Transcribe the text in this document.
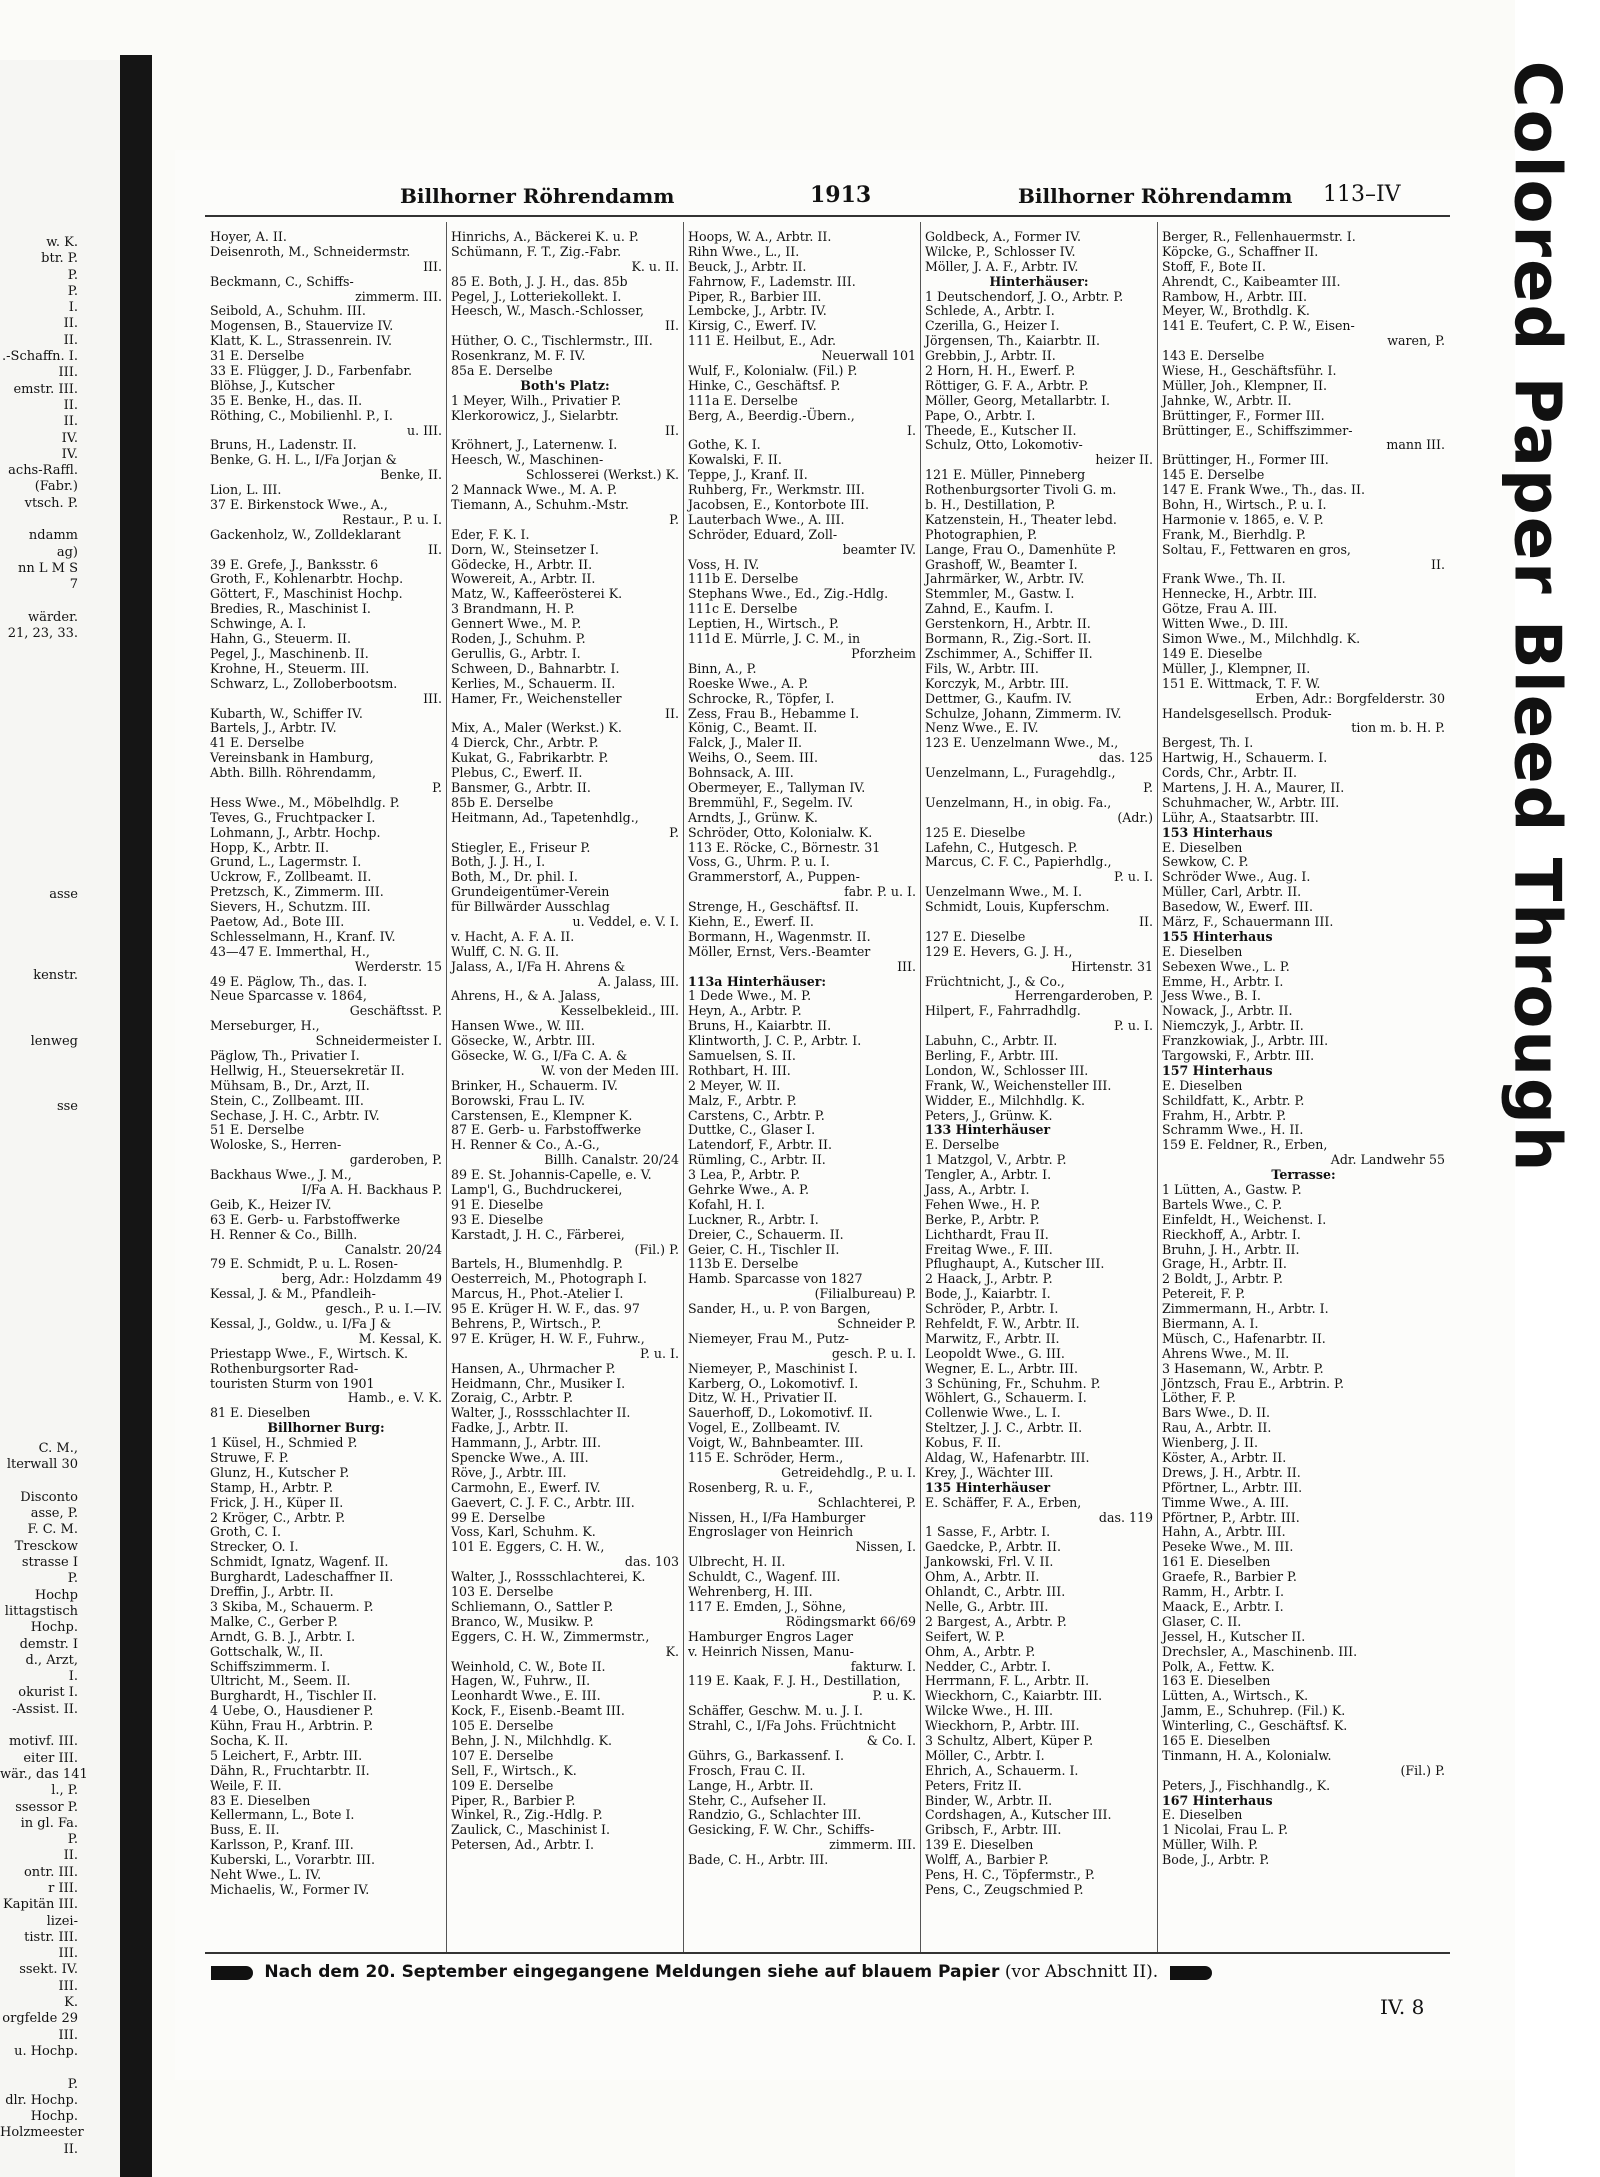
w. K.
btr. P.
P.
P.
I.
II.
II.
.-Schaffn. I.
III.
emstr. III.
II.
II.
IV.
IV.
achs-Raffl.
(Fabr.)
vtsch. P.
ndamm
ag)
nn L M S
7
wärder.
21, 23, 33.
asse
kenstr.
lenweg
sse
C. M.,
lterwall 30
Disconto
asse, P.
F. C. M.
Tresckow
strasse I
P.
Hochp
littagstisch
Hochp.
demstr. I
d., Arzt,
I.
okurist I.
-Assist. II.
motivf. III.
eiter III.
wär., das 141
l., P.
ssessor P.
in gl. Fa.
P.
II.
ontr. III.
r III.
Kapitän III.
lizei-
tistr. III.
III.
ssekt. IV.
III.
K.
orgfelde 29
III.
u. Hochp.
P.
dlr. Hochp.
Hochp.
Holzmeester
II.
Billhorner Röhrendamm	1913	Billhorner Röhrendamm 113–IV
Hoyer, A. II.
Deisenroth, M., Schneidermstr.
III.
Beckmann, C., Schiffs-
zimmerm. III.
Seibold, A., Schuhm. III.
Mogensen, B., Stauervize IV.
Klatt, K. L., Strassenrein. IV.
31 E. Derselbe
33 E. Flügger, J. D., Farbenfabr.
Blöhse, J., Kutscher
35 E. Benke, H., das. II.
Röthing, C., Mobilienhl. P., I.
u. III.
Bruns, H., Ladenstr. II.
Benke, G. H. L., I/Fa Jorjan &
Benke, II.
Lion, L. III.
37 E. Birkenstock Wwe., A.,
Restaur., P. u. I.
Gackenholz, W., Zolldeklarant
II.
39 E. Grefe, J., Banksstr. 6
Groth, F., Kohlenarbtr. Hochp.
Göttert, F., Maschinist Hochp.
Bredies, R., Maschinist I.
Schwinge, A. I.
Hahn, G., Steuerm. II.
Pegel, J., Maschinenb. II.
Krohne, H., Steuerm. III.
Schwarz, L., Zolloberbootsm.
III.
Kubarth, W., Schiffer IV.
Bartels, J., Arbtr. IV.
41 E. Derselbe
Vereinsbank in Hamburg,
Abth. Billh. Röhrendamm,
P.
Hess Wwe., M., Möbelhdlg. P.
Teves, G., Fruchtpacker I.
Lohmann, J., Arbtr. Hochp.
Hopp, K., Arbtr. II.
Grund, L., Lagermstr. I.
Uckrow, F., Zollbeamt. II.
Pretzsch, K., Zimmerm. III.
Sievers, H., Schutzm. III.
Paetow, Ad., Bote III.
Schlesselmann, H., Kranf. IV.
43—47 E. Immerthal, H.,
Werderstr. 15
49 E. Päglow, Th., das. I.
Neue Sparcasse v. 1864,
Geschäftsst. P.
Merseburger, H.,
Schneidermeister I.
Päglow, Th., Privatier I.
Hellwig, H., Steuersekretär II.
Mühsam, B., Dr., Arzt, II.
Stein, C., Zollbeamt. III.
Sechase, J. H. C., Arbtr. IV.
51 E. Derselbe
Woloske, S., Herren-
garderoben, P.
Backhaus Wwe., J. M.,
I/Fa A. H. Backhaus P.
Geib, K., Heizer IV.
63 E. Gerb- u. Farbstoffwerke
H. Renner & Co., Billh.
Canalstr. 20/24
79 E. Schmidt, P. u. L. Rosen-
berg, Adr.: Holzdamm 49
Kessal, J. & M., Pfandleih-
gesch., P. u. I.—IV.
Kessal, J., Goldw., u. I/Fa J &
M. Kessal, K.
Priestapp Wwe., F., Wirtsch. K.
Rothenburgsorter Rad-
touristen Sturm von 1901
Hamb., e. V. K.
81 E. Dieselben
Billhorner Burg:
1 Küsel, H., Schmied P.
Struwe, F. P.
Glunz, H., Kutscher P.
Stamp, H., Arbtr. P.
Frick, J. H., Küper II.
2 Kröger, C., Arbtr. P.
Groth, C. I.
Strecker, O. I.
Schmidt, Ignatz, Wagenf. II.
Burghardt, Ladeschaffner II.
Dreffin, J., Arbtr. II.
3 Skiba, M., Schauerm. P.
Malke, C., Gerber P.
Arndt, G. B. J., Arbtr. I.
Gottschalk, W., II.
Schiffszimmerm. I.
Ultricht, M., Seem. II.
Burghardt, H., Tischler II.
4 Uebe, O., Hausdiener P.
Kühn, Frau H., Arbtrin. P.
Socha, K. II.
5 Leichert, F., Arbtr. III.
Dähn, R., Fruchtarbtr. II.
Weile, F. II.
83 E. Dieselben
Kellermann, L., Bote I.
Buss, E. II.
Karlsson, P., Kranf. III.
Kuberski, L., Vorarbtr. III.
Neht Wwe., L. IV.
Michaelis, W., Former IV.
Hinrichs, A., Bäckerei K. u. P.
Schümann, F. T., Zig.-Fabr.
K. u. II.
85 E. Both, J. J. H., das. 85b
Pegel, J., Lotteriekollekt. I.
Heesch, W., Masch.-Schlosser,
II.
Hüther, O. C., Tischlermstr., III.
Rosenkranz, M. F. IV.
85a E. Derselbe
Both's Platz:
1 Meyer, Wilh., Privatier P.
Klerkorowicz, J., Sielarbtr.
II.
Kröhnert, J., Laternenw. I.
Heesch, W., Maschinen-
Schlosserei (Werkst.) K.
2 Mannack Wwe., M. A. P.
Tiemann, A., Schuhm.-Mstr.
P.
Eder, F. K. I.
Dorn, W., Steinsetzer I.
Gödecke, H., Arbtr. II.
Wowereit, A., Arbtr. II.
Matz, W., Kaffeerösterei K.
3 Brandmann, H. P.
Gennert Wwe., M. P.
Roden, J., Schuhm. P.
Gerullis, G., Arbtr. I.
Schween, D., Bahnarbtr. I.
Kerlies, M., Schauerm. II.
Hamer, Fr., Weichensteller
II.
Mix, A., Maler (Werkst.) K.
4 Dierck, Chr., Arbtr. P.
Kukat, G., Fabrikarbtr. P.
Plebus, C., Ewerf. II.
Bansmer, G., Arbtr. II.
85b E. Derselbe
Heitmann, Ad., Tapetenhdlg.,
P.
Stiegler, E., Friseur P.
Both, J. J. H., I.
Both, M., Dr. phil. I.
Grundeigentümer-Verein
für Billwärder Ausschlag
u. Veddel, e. V. I.
v. Hacht, A. F. A. II.
Wulff, C. N. G. II.
Jalass, A., I/Fa H. Ahrens &
A. Jalass, III.
Ahrens, H., & A. Jalass,
Kesselbekleid., III.
Hansen Wwe., W. III.
Gösecke, W., Arbtr. III.
Gösecke, W. G., I/Fa C. A. &
W. von der Meden III.
Brinker, H., Schauerm. IV.
Borowski, Frau L. IV.
Carstensen, E., Klempner K.
87 E. Gerb- u. Farbstoffwerke
H. Renner & Co., A.-G.,
Billh. Canalstr. 20/24
89 E. St. Johannis-Capelle, e. V.
Lamp'l, G., Buchdruckerei,
91 E. Dieselbe
93 E. Dieselbe
Karstadt, J. H. C., Färberei,
(Fil.) P.
Bartels, H., Blumenhdlg. P.
Oesterreich, M., Photograph I.
Marcus, H., Phot.-Atelier I.
95 E. Krüger H. W. F., das. 97
Behrens, P., Wirtsch., P.
97 E. Krüger, H. W. F., Fuhrw.,
P. u. I.
Hansen, A., Uhrmacher P.
Heidmann, Chr., Musiker I.
Zoraig, C., Arbtr. P.
Walter, J., Rossschlachter II.
Fadke, J., Arbtr. II.
Hammann, J., Arbtr. III.
Spencke Wwe., A. III.
Röve, J., Arbtr. III.
Carmohn, E., Ewerf. IV.
Gaevert, C. J. F. C., Arbtr. III.
99 E. Derselbe
Voss, Karl, Schuhm. K.
101 E. Eggers, C. H. W.,
das. 103
Walter, J., Rossschlachterei, K.
103 E. Derselbe
Schliemann, O., Sattler P.
Branco, W., Musikw. P.
Eggers, C. H. W., Zimmermstr.,
K.
Weinhold, C. W., Bote II.
Hagen, W., Fuhrw., II.
Leonhardt Wwe., E. III.
Kock, F., Eisenb.-Beamt III.
105 E. Derselbe
Behn, J. N., Milchhdlg. K.
107 E. Derselbe
Sell, F., Wirtsch., K.
109 E. Derselbe
Piper, R., Barbier P.
Winkel, R., Zig.-Hdlg. P.
Zaulick, C., Maschinist I.
Petersen, Ad., Arbtr. I.
Hoops, W. A., Arbtr. II.
Rihn Wwe., L., II.
Beuck, J., Arbtr. II.
Fahrnow, F., Lademstr. III.
Piper, R., Barbier III.
Lembcke, J., Arbtr. IV.
Kirsig, C., Ewerf. IV.
111 E. Heilbut, E., Adr.
Neuerwall 101
Wulf, F., Kolonialw. (Fil.) P.
Hinke, C., Geschäftsf. P.
111a E. Derselbe
Berg, A., Beerdig.-Übern.,
I.
Gothe, K. I.
Kowalski, F. II.
Teppe, J., Kranf. II.
Ruhberg, Fr., Werkmstr. III.
Jacobsen, E., Kontorbote III.
Lauterbach Wwe., A. III.
Schröder, Eduard, Zoll-
beamter IV.
Voss, H. IV.
111b E. Derselbe
Stephans Wwe., Ed., Zig.-Hdlg.
111c E. Derselbe
Leptien, H., Wirtsch., P.
111d E. Mürrle, J. C. M., in
Pforzheim
Binn, A., P.
Roeske Wwe., A. P.
Schrocke, R., Töpfer, I.
Zess, Frau B., Hebamme I.
König, C., Beamt. II.
Falck, J., Maler II.
Weihs, O., Seem. III.
Bohnsack, A. III.
Obermeyer, E., Tallyman IV.
Bremmühl, F., Segelm. IV.
Arndts, J., Grünw. K.
Schröder, Otto, Kolonialw. K.
113 E. Röcke, C., Börnestr. 31
Voss, G., Uhrm. P. u. I.
Grammerstorf, A., Puppen-
fabr. P. u. I.
Strenge, H., Geschäftsf. II.
Kiehn, E., Ewerf. II.
Bormann, H., Wagenmstr. II.
Möller, Ernst, Vers.-Beamter
III.
113a Hinterhäuser:
1 Dede Wwe., M. P.
Heyn, A., Arbtr. P.
Bruns, H., Kaiarbtr. II.
Klintworth, J. C. P., Arbtr. I.
Samuelsen, S. II.
Rothbart, H. III.
2 Meyer, W. II.
Malz, F., Arbtr. P.
Carstens, C., Arbtr. P.
Duttke, C., Glaser I.
Latendorf, F., Arbtr. II.
Rümling, C., Arbtr. II.
3 Lea, P., Arbtr. P.
Gehrke Wwe., A. P.
Kofahl, H. I.
Luckner, R., Arbtr. I.
Dreier, C., Schauerm. II.
Geier, C. H., Tischler II.
113b E. Derselbe
Hamb. Sparcasse von 1827
(Filialbureau) P.
Sander, H., u. P. von Bargen,
Schneider P.
Niemeyer, Frau M., Putz-
gesch. P. u. I.
Niemeyer, P., Maschinist I.
Karberg, O., Lokomotivf. I.
Ditz, W. H., Privatier II.
Sauerhoff, D., Lokomotivf. II.
Vogel, E., Zollbeamt. IV.
Voigt, W., Bahnbeamter. III.
115 E. Schröder, Herm.,
Getreidehdlg., P. u. I.
Rosenberg, R. u. F.,
Schlachterei, P.
Nissen, H., I/Fa Hamburger
Engroslager von Heinrich
Nissen, I.
Ulbrecht, H. II.
Schuldt, C., Wagenf. III.
Wehrenberg, H. III.
117 E. Emden, J., Söhne,
Rödingsmarkt 66/69
Hamburger Engros Lager
v. Heinrich Nissen, Manu-
fakturw. I.
119 E. Kaak, F. J. H., Destillation,
P. u. K.
Schäffer, Geschw. M. u. J. I.
Strahl, C., I/Fa Johs. Früchtnicht
& Co. I.
Gührs, G., Barkassenf. I.
Frosch, Frau C. II.
Lange, H., Arbtr. II.
Stehr, C., Aufseher II.
Randzio, G., Schlachter III.
Gesicking, F. W. Chr., Schiffs-
zimmerm. III.
Bade, C. H., Arbtr. III.
Goldbeck, A., Former IV.
Wilcke, P., Schlosser IV.
Möller, J. A. F., Arbtr. IV.
Hinterhäuser:
1 Deutschendorf, J. O., Arbtr. P.
Schlede, A., Arbtr. I.
Czerilla, G., Heizer I.
Jörgensen, Th., Kaiarbtr. II.
Grebbin, J., Arbtr. II.
2 Horn, H. H., Ewerf. P.
Röttiger, G. F. A., Arbtr. P.
Möller, Georg, Metallarbtr. I.
Pape, O., Arbtr. I.
Theede, E., Kutscher II.
Schulz, Otto, Lokomotiv-
heizer II.
121 E. Müller, Pinneberg
Rothenburgsorter Tivoli G. m.
b. H., Destillation, P.
Katzenstein, H., Theater lebd.
Photographien, P.
Lange, Frau O., Damenhüte P.
Grashoff, W., Beamter I.
Jahrmärker, W., Arbtr. IV.
Stemmler, M., Gastw. I.
Zahnd, E., Kaufm. I.
Gerstenkorn, H., Arbtr. II.
Bormann, R., Zig.-Sort. II.
Zschimmer, A., Schiffer II.
Fils, W., Arbtr. III.
Korczyk, M., Arbtr. III.
Dettmer, G., Kaufm. IV.
Schulze, Johann, Zimmerm. IV.
Nenz Wwe., E. IV.
123 E. Uenzelmann Wwe., M.,
das. 125
Uenzelmann, L., Furagehdlg.,
P.
Uenzelmann, H., in obig. Fa.,
(Adr.)
125 E. Dieselbe
Lafehn, C., Hutgesch. P.
Marcus, C. F. C., Papierhdlg.,
P. u. I.
Uenzelmann Wwe., M. I.
Schmidt, Louis, Kupferschm.
II.
127 E. Dieselbe
129 E. Hevers, G. J. H.,
Hirtenstr. 31
Früchtnicht, J., & Co.,
Herrengarderoben, P.
Hilpert, F., Fahrradhdlg.
P. u. I.
Labuhn, C., Arbtr. II.
Berling, F., Arbtr. III.
London, W., Schlosser III.
Frank, W., Weichensteller III.
Widder, E., Milchhdlg. K.
Peters, J., Grünw. K.
133 Hinterhäuser
E. Derselbe
1 Matzgol, V., Arbtr. P.
Tengler, A., Arbtr. I.
Jass, A., Arbtr. I.
Fehen Wwe., H. P.
Berke, P., Arbtr. P.
Lichthardt, Frau II.
Freitag Wwe., F. III.
Pflughaupt, A., Kutscher III.
2 Haack, J., Arbtr. P.
Bode, J., Kaiarbtr. I.
Schröder, P., Arbtr. I.
Rehfeldt, F. W., Arbtr. II.
Marwitz, F., Arbtr. II.
Leopoldt Wwe., G. III.
Wegner, E. L., Arbtr. III.
3 Schüning, Fr., Schuhm. P.
Wöhlert, G., Schauerm. I.
Collenwie Wwe., L. I.
Steltzer, J. J. C., Arbtr. II.
Kobus, F. II.
Aldag, W., Hafenarbtr. III.
Krey, J., Wächter III.
135 Hinterhäuser
E. Schäffer, F. A., Erben,
das. 119
1 Sasse, F., Arbtr. I.
Gaedcke, P., Arbtr. II.
Jankowski, Frl. V. II.
Ohm, A., Arbtr. II.
Ohlandt, C., Arbtr. III.
Nelle, G., Arbtr. III.
2 Bargest, A., Arbtr. P.
Seifert, W. P.
Ohm, A., Arbtr. P.
Nedder, C., Arbtr. I.
Herrmann, F. L., Arbtr. II.
Wieckhorn, C., Kaiarbtr. III.
Wilcke Wwe., H. III.
Wieckhorn, P., Arbtr. III.
3 Schultz, Albert, Küper P.
Möller, C., Arbtr. I.
Ehrich, A., Schauerm. I.
Peters, Fritz II.
Binder, W., Arbtr. II.
Cordshagen, A., Kutscher III.
Gribsch, F., Arbtr. III.
139 E. Dieselben
Wolff, A., Barbier P.
Pens, H. C., Töpfermstr., P.
Pens, C., Zeugschmied P.
Berger, R., Fellenhauermstr. I.
Köpcke, G., Schaffner II.
Stoff, F., Bote II.
Ahrendt, C., Kaibeamter III.
Rambow, H., Arbtr. III.
Meyer, W., Brothdlg. K.
141 E. Teufert, C. P. W., Eisen-
waren, P.
143 E. Derselbe
Wiese, H., Geschäftsführ. I.
Müller, Joh., Klempner, II.
Jahnke, W., Arbtr. II.
Brüttinger, F., Former III.
Brüttinger, E., Schiffszimmer-
mann III.
Brüttinger, H., Former III.
145 E. Derselbe
147 E. Frank Wwe., Th., das. II.
Bohn, H., Wirtsch., P. u. I.
Harmonie v. 1865, e. V. P.
Frank, M., Bierhdlg. P.
Soltau, F., Fettwaren en gros,
II.
Frank Wwe., Th. II.
Hennecke, H., Arbtr. III.
Götze, Frau A. III.
Witten Wwe., D. III.
Simon Wwe., M., Milchhdlg. K.
149 E. Dieselbe
Müller, J., Klempner, II.
151 E. Wittmack, T. F. W.
Erben, Adr.: Borgfelderstr. 30
Handelsgesellsch. Produk-
tion m. b. H. P.
Bergest, Th. I.
Hartwig, H., Schauerm. I.
Cords, Chr., Arbtr. II.
Martens, J. H. A., Maurer, II.
Schuhmacher, W., Arbtr. III.
Lühr, A., Staatsarbtr. III.
153 Hinterhaus
E. Dieselben
Sewkow, C. P.
Schröder Wwe., Aug. I.
Müller, Carl, Arbtr. II.
Basedow, W., Ewerf. III.
März, F., Schauermann III.
155 Hinterhaus
E. Dieselben
Sebexen Wwe., L. P.
Emme, H., Arbtr. I.
Jess Wwe., B. I.
Nowack, J., Arbtr. II.
Niemczyk, J., Arbtr. II.
Franzkowiak, J., Arbtr. III.
Targowski, F., Arbtr. III.
157 Hinterhaus
E. Dieselben
Schildfatt, K., Arbtr. P.
Frahm, H., Arbtr. P.
Schramm Wwe., H. II.
159 E. Feldner, R., Erben,
Adr. Landwehr 55
Terrasse:
1 Lütten, A., Gastw. P.
Bartels Wwe., C. P.
Einfeldt, H., Weichenst. I.
Rieckhoff, A., Arbtr. I.
Bruhn, J. H., Arbtr. II.
Grage, H., Arbtr. II.
2 Boldt, J., Arbtr. P.
Petereit, F. P.
Zimmermann, H., Arbtr. I.
Biermann, A. I.
Müsch, C., Hafenarbtr. II.
Ahrens Wwe., M. II.
3 Hasemann, W., Arbtr. P.
Jöntzsch, Frau E., Arbtrin. P.
Löther, F. P.
Bars Wwe., D. II.
Rau, A., Arbtr. II.
Wienberg, J. II.
Köster, A., Arbtr. II.
Drews, J. H., Arbtr. II.
Pförtner, L., Arbtr. III.
Timme Wwe., A. III.
Pförtner, P., Arbtr. III.
Hahn, A., Arbtr. III.
Peseke Wwe., M. III.
161 E. Dieselben
Graefe, R., Barbier P.
Ramm, H., Arbtr. I.
Maack, E., Arbtr. I.
Glaser, C. II.
Jessel, H., Kutscher II.
Drechsler, A., Maschinenb. III.
Polk, A., Fettw. K.
163 E. Dieselben
Lütten, A., Wirtsch., K.
Jamm, E., Schuhrep. (Fil.) K.
Winterling, C., Geschäftsf. K.
165 E. Dieselben
Tinmann, H. A., Kolonialw.
(Fil.) P.
Peters, J., Fischhandlg., K.
167 Hinterhaus
E. Dieselben
1 Nicolai, Frau L. P.
Müller, Wilh. P.
Bode, J., Arbtr. P.
Nach dem 20. September eingegangene Meldungen siehe auf blauem Papier (vor Abschnitt II).
IV. 8
Colored Paper Bleed Through
